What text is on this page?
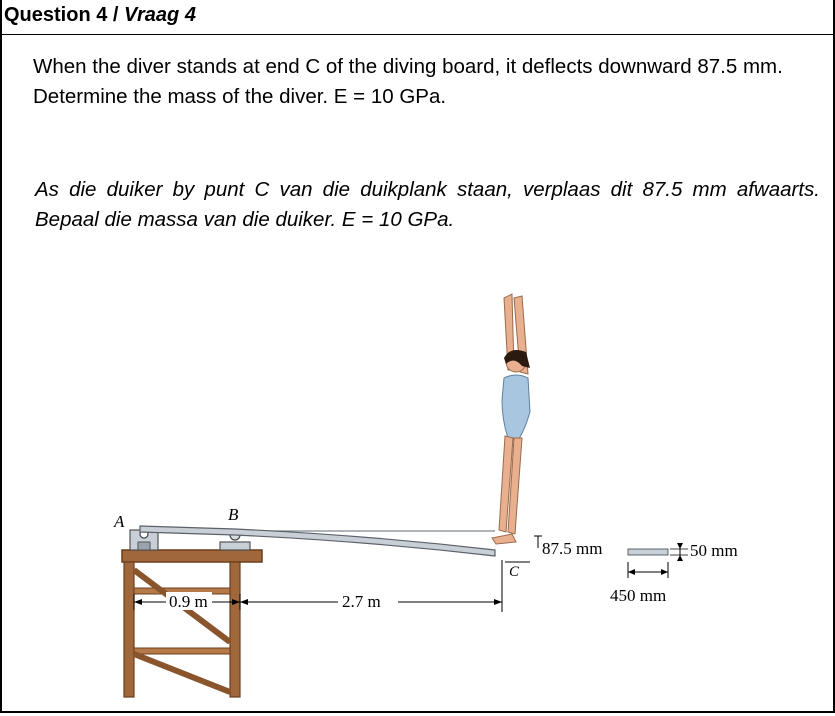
Question 4 / Vraag 4
When the diver stands at end C of the diving board, it deflects downward 87.5 mm. Determine the mass of the diver. E = 10 GPa.
As die duiker by punt C van die duikplank staan, verplaas dit 87.5 mm afwaarts. Bepaal die massa van die duiker. E = 10 GPa.
A	B
C
87.5 mm
0.9 m	2.7 m
50 mm
450 mm
